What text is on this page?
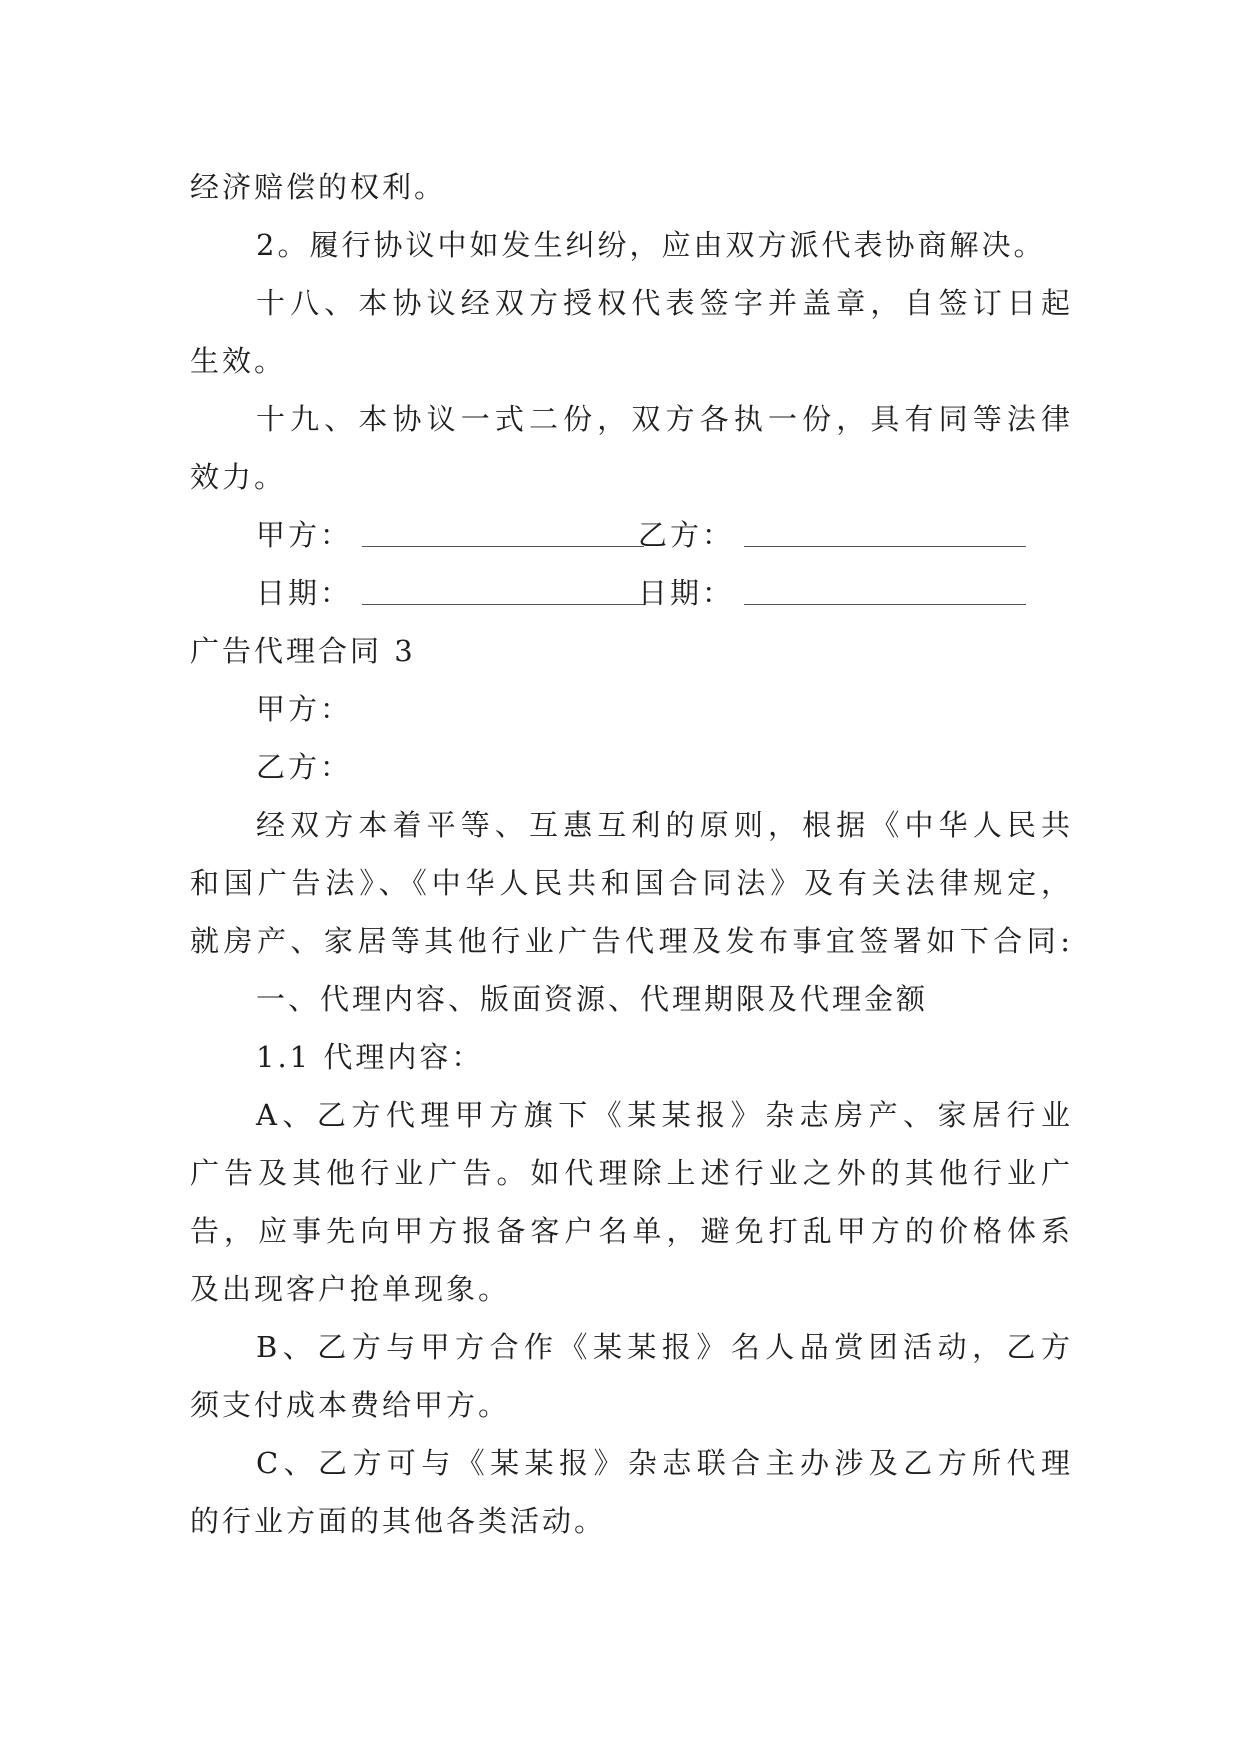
经济赔偿的权利。
2。履行协议中如发生纠纷，应由双方派代表协商解决。
十八、本协议经双方授权代表签字并盖章，自签订日起
生效。
十九、本协议一式二份，双方各执一份，具有同等法律
效力。
甲方：	乙方：
日期：	日期：
广告代理合同 3
甲方：
乙方：
经双方本着平等、互惠互利的原则，根据《中华人民共
和国广告法》、《中华人民共和国合同法》及有关法律规定，
就房产、家居等其他行业广告代理及发布事宜签署如下合同:
一、代理内容、版面资源、代理期限及代理金额
1.1 代理内容：
A、乙方代理甲方旗下《某某报》杂志房产、家居行业
广告及其他行业广告。如代理除上述行业之外的其他行业广
告，应事先向甲方报备客户名单，避免打乱甲方的价格体系
及出现客户抢单现象。
B、乙方与甲方合作《某某报》名人品赏团活动，乙方
须支付成本费给甲方。
C、乙方可与《某某报》杂志联合主办涉及乙方所代理
的行业方面的其他各类活动。
